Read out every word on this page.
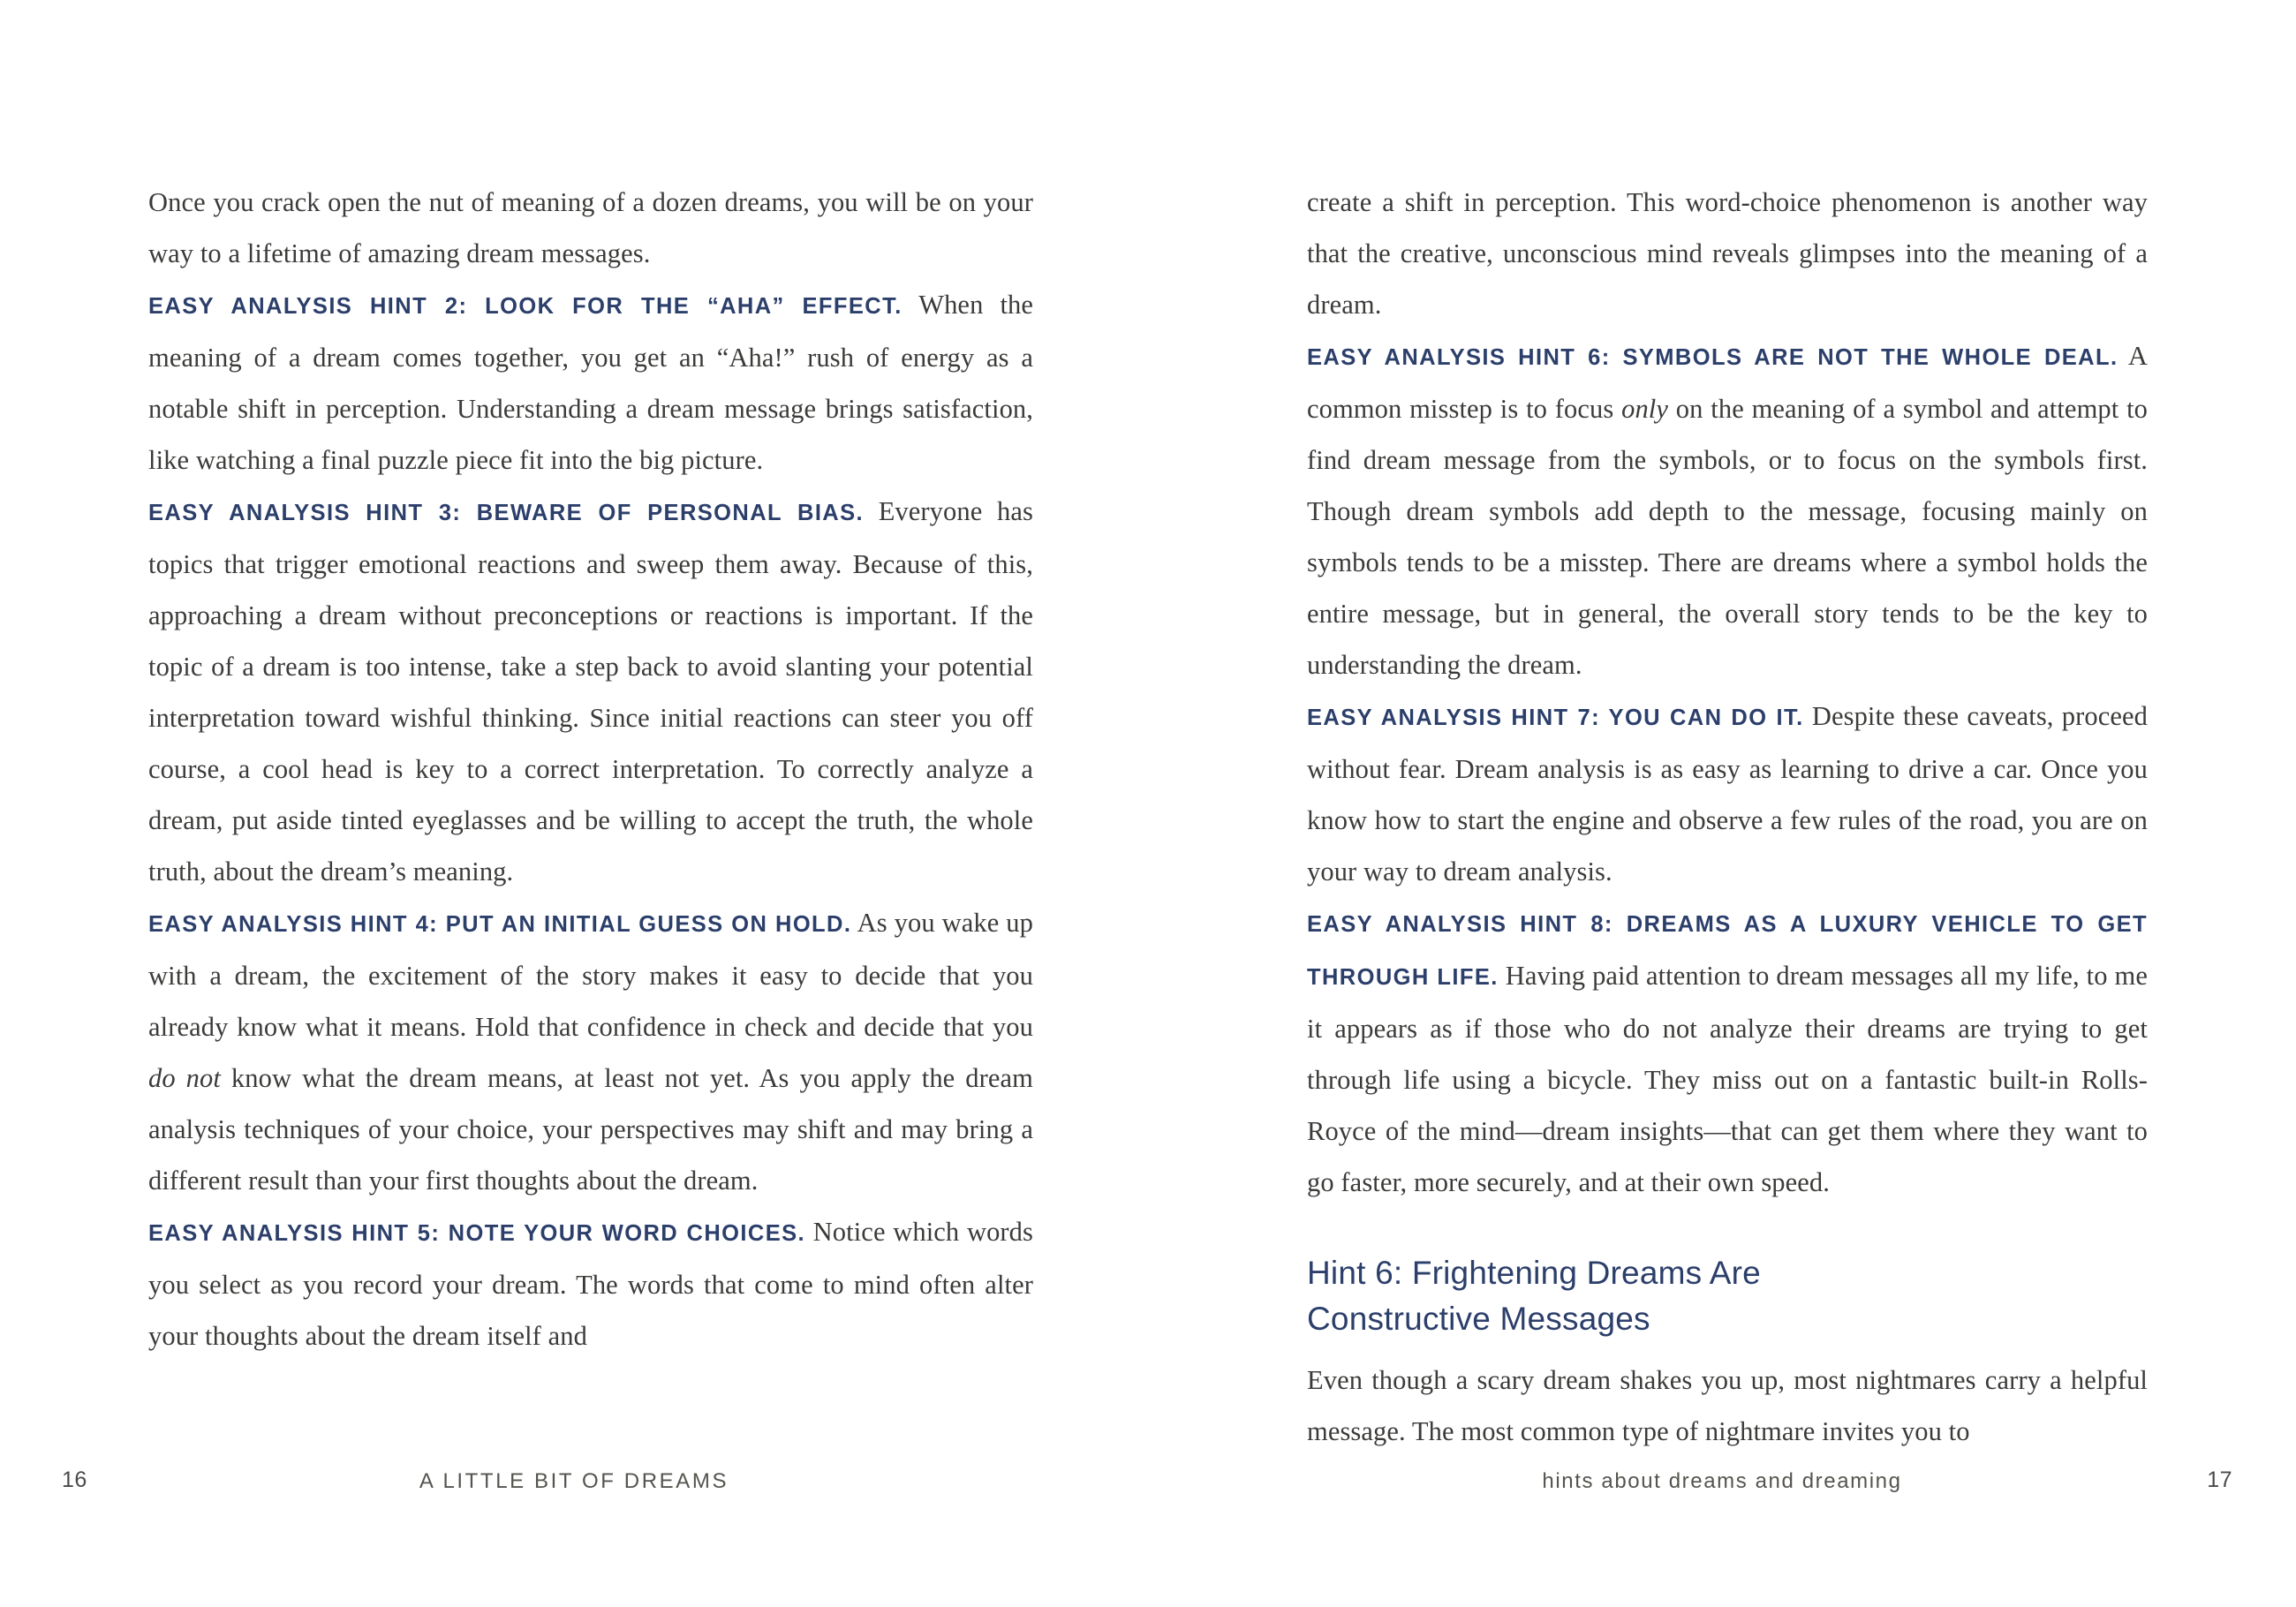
Once you crack open the nut of meaning of a dozen dreams, you will be on your way to a lifetime of amazing dream messages.

EASY ANALYSIS HINT 2: LOOK FOR THE “AHA” EFFECT. When the meaning of a dream comes together, you get an “Aha!” rush of energy as a notable shift in perception. Understanding a dream message brings satisfaction, like watching a final puzzle piece fit into the big picture.

EASY ANALYSIS HINT 3: BEWARE OF PERSONAL BIAS. Everyone has topics that trigger emotional reactions and sweep them away. Because of this, approaching a dream without preconceptions or reactions is important. If the topic of a dream is too intense, take a step back to avoid slanting your potential interpretation toward wishful thinking. Since initial reactions can steer you off course, a cool head is key to a correct interpretation. To correctly analyze a dream, put aside tinted eyeglasses and be willing to accept the truth, the whole truth, about the dream’s meaning.

EASY ANALYSIS HINT 4: PUT AN INITIAL GUESS ON HOLD. As you wake up with a dream, the excitement of the story makes it easy to decide that you already know what it means. Hold that confidence in check and decide that you do not know what the dream means, at least not yet. As you apply the dream analysis techniques of your choice, your perspectives may shift and may bring a different result than your first thoughts about the dream.

EASY ANALYSIS HINT 5: NOTE YOUR WORD CHOICES. Notice which words you select as you record your dream. The words that come to mind often alter your thoughts about the dream itself and

16	A LITTLE BIT OF DREAMS

create a shift in perception. This word-choice phenomenon is another way that the creative, unconscious mind reveals glimpses into the meaning of a dream.

EASY ANALYSIS HINT 6: SYMBOLS ARE NOT THE WHOLE DEAL. A common misstep is to focus only on the meaning of a symbol and attempt to find dream message from the symbols, or to focus on the symbols first. Though dream symbols add depth to the message, focusing mainly on symbols tends to be a misstep. There are dreams where a symbol holds the entire message, but in general, the overall story tends to be the key to understanding the dream.

EASY ANALYSIS HINT 7: YOU CAN DO IT. Despite these caveats, proceed without fear. Dream analysis is as easy as learning to drive a car. Once you know how to start the engine and observe a few rules of the road, you are on your way to dream analysis.

EASY ANALYSIS HINT 8: DREAMS AS A LUXURY VEHICLE TO GET THROUGH LIFE. Having paid attention to dream messages all my life, to me it appears as if those who do not analyze their dreams are trying to get through life using a bicycle. They miss out on a fantastic built-in Rolls-Royce of the mind—dream insights—that can get them where they want to go faster, more securely, and at their own speed.

Hint 6: Frightening Dreams Are
Constructive Messages

Even though a scary dream shakes you up, most nightmares carry a helpful message. The most common type of nightmare invites you to

hints about dreams and dreaming	17
